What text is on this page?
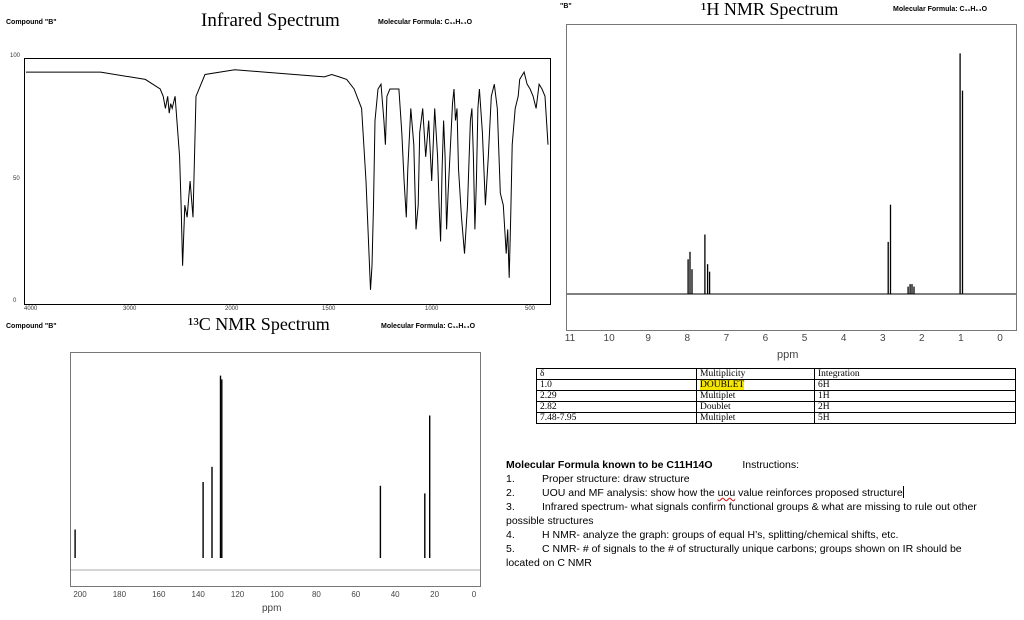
Compound "B"	Infrared Spectrum	Molecular Formula: C₁₁H₁₄O
100
50
0
4000	3000	2000	1500	1000	500
Compound "B"	¹³C NMR Spectrum	Molecular Formula: C₁₁H₁₄O
200	180	160	140	120	100	80	60	40	20	0
ppm
"B"	¹H NMR Spectrum	Molecular Formula: C₁₁H₁₄O
11	10	9	8	7	6	5	4	3	2	1	0
ppm
δ	Multiplicity	Integration
1.0	DOUBLET	6H
2.29	Multiplet	1H
2.82	Doublet	2H
7.48-7.95	Multiplet	5H
Molecular Formula known to be C11H14O	Instructions:
1.	Proper structure: draw structure
2.	UOU and MF analysis: show how the uou value reinforces proposed structure
3.	Infrared spectrum- what signals confirm functional groups & what are missing to rule out other
possible structures
4.	H NMR- analyze the graph: groups of equal H’s, splitting/chemical shifts, etc.
5.	C NMR- # of signals to the # of structurally unique carbons; groups shown on IR should be
located on C NMR
